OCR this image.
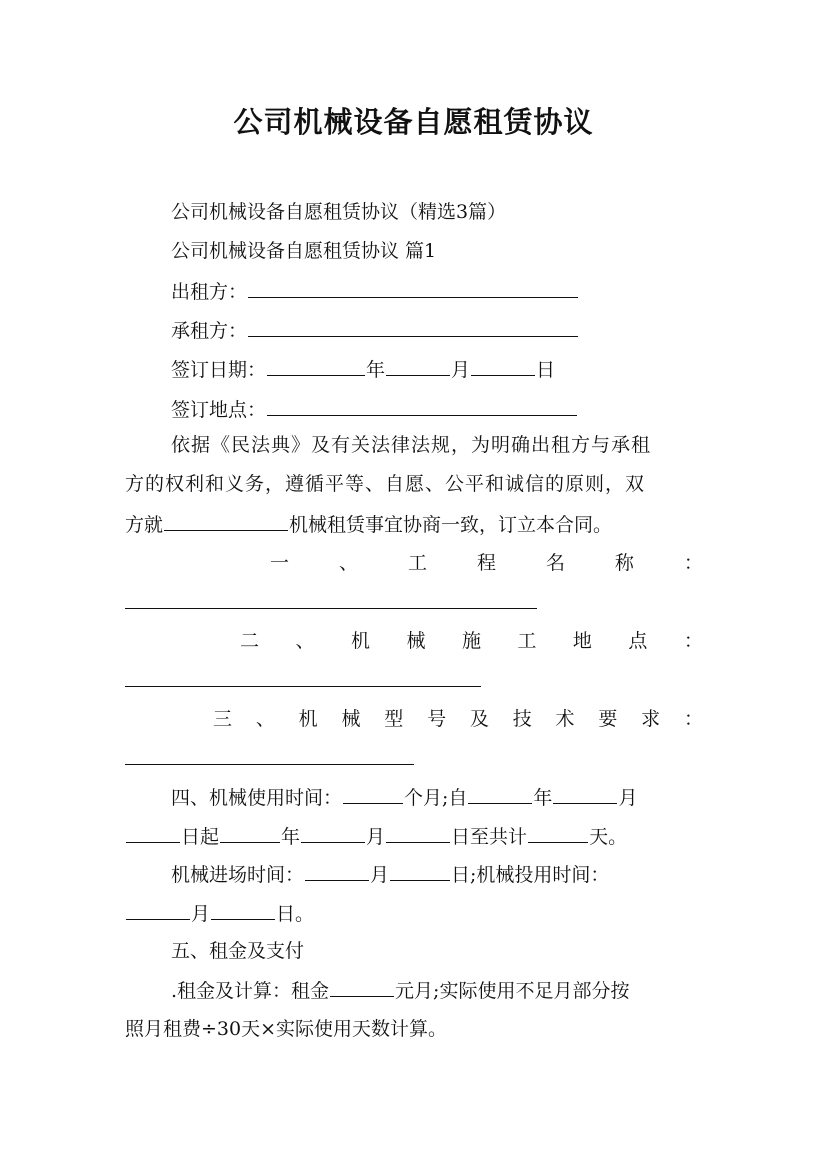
公司机械设备自愿租赁协议
公司机械设备自愿租赁协议（精选3篇）
公司机械设备自愿租赁协议 篇1
出租方：
承租方：
签订日期：	年	月	日
签订地点：
依据《民法典》及有关法律法规，为明确出租方与承租
方的权利和义务，遵循平等、自愿、公平和诚信的原则，双
方就	机械租赁事宜协商一致，订立本合同。
一	、	工	程	名	称	：
二 、 机 械 施 工 地 点 ：
三 、 机 械 型 号 及 技 术 要 求 ：
四、机械使用时间：	个月;自	年	月
日起	年	月	日至共计	天。
机械进场时间：	月	日;机械投用时间：
月	日。
五、租金及支付
.租金及计算：租金	元月;实际使用不足月部分按
照月租费÷30天×实际使用天数计算。
